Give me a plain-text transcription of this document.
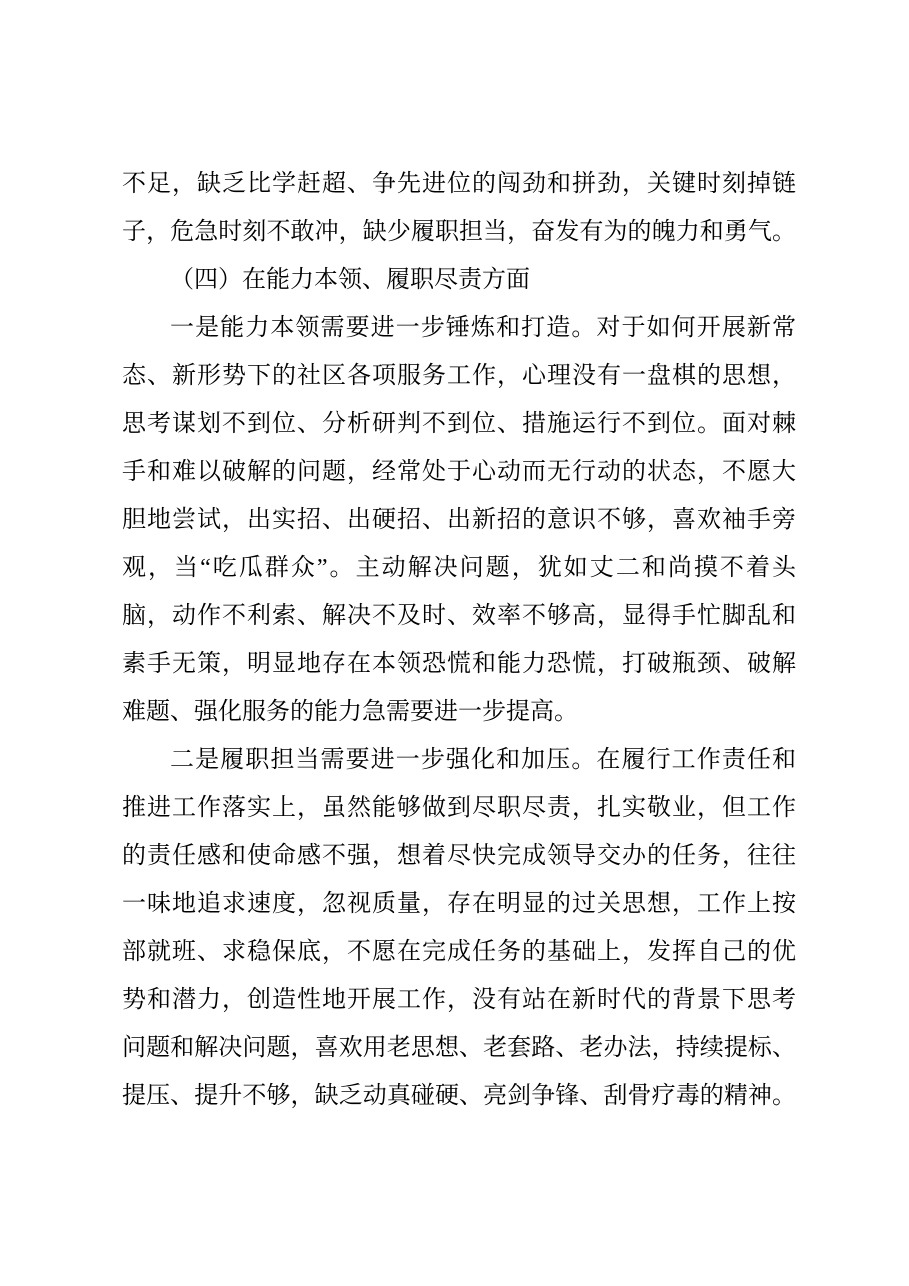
不足，缺乏比学赶超、争先进位的闯劲和拼劲，关键时刻掉链
子，危急时刻不敢冲，缺少履职担当，奋发有为的魄力和勇气。
（四）在能力本领、履职尽责方面
一是能力本领需要进一步锤炼和打造。对于如何开展新常
态、新形势下的社区各项服务工作，心理没有一盘棋的思想，
思考谋划不到位、分析研判不到位、措施运行不到位。面对棘
手和难以破解的问题，经常处于心动而无行动的状态，不愿大
胆地尝试，出实招、出硬招、出新招的意识不够，喜欢袖手旁
观，当“吃瓜群众”。主动解决问题，犹如丈二和尚摸不着头
脑，动作不利索、解决不及时、效率不够高，显得手忙脚乱和
素手无策，明显地存在本领恐慌和能力恐慌，打破瓶颈、破解
难题、强化服务的能力急需要进一步提高。
二是履职担当需要进一步强化和加压。在履行工作责任和
推进工作落实上，虽然能够做到尽职尽责，扎实敬业，但工作
的责任感和使命感不强，想着尽快完成领导交办的任务，往往
一味地追求速度，忽视质量，存在明显的过关思想，工作上按
部就班、求稳保底，不愿在完成任务的基础上，发挥自己的优
势和潜力，创造性地开展工作，没有站在新时代的背景下思考
问题和解决问题，喜欢用老思想、老套路、老办法，持续提标、
提压、提升不够，缺乏动真碰硬、亮剑争锋、刮骨疗毒的精神。
